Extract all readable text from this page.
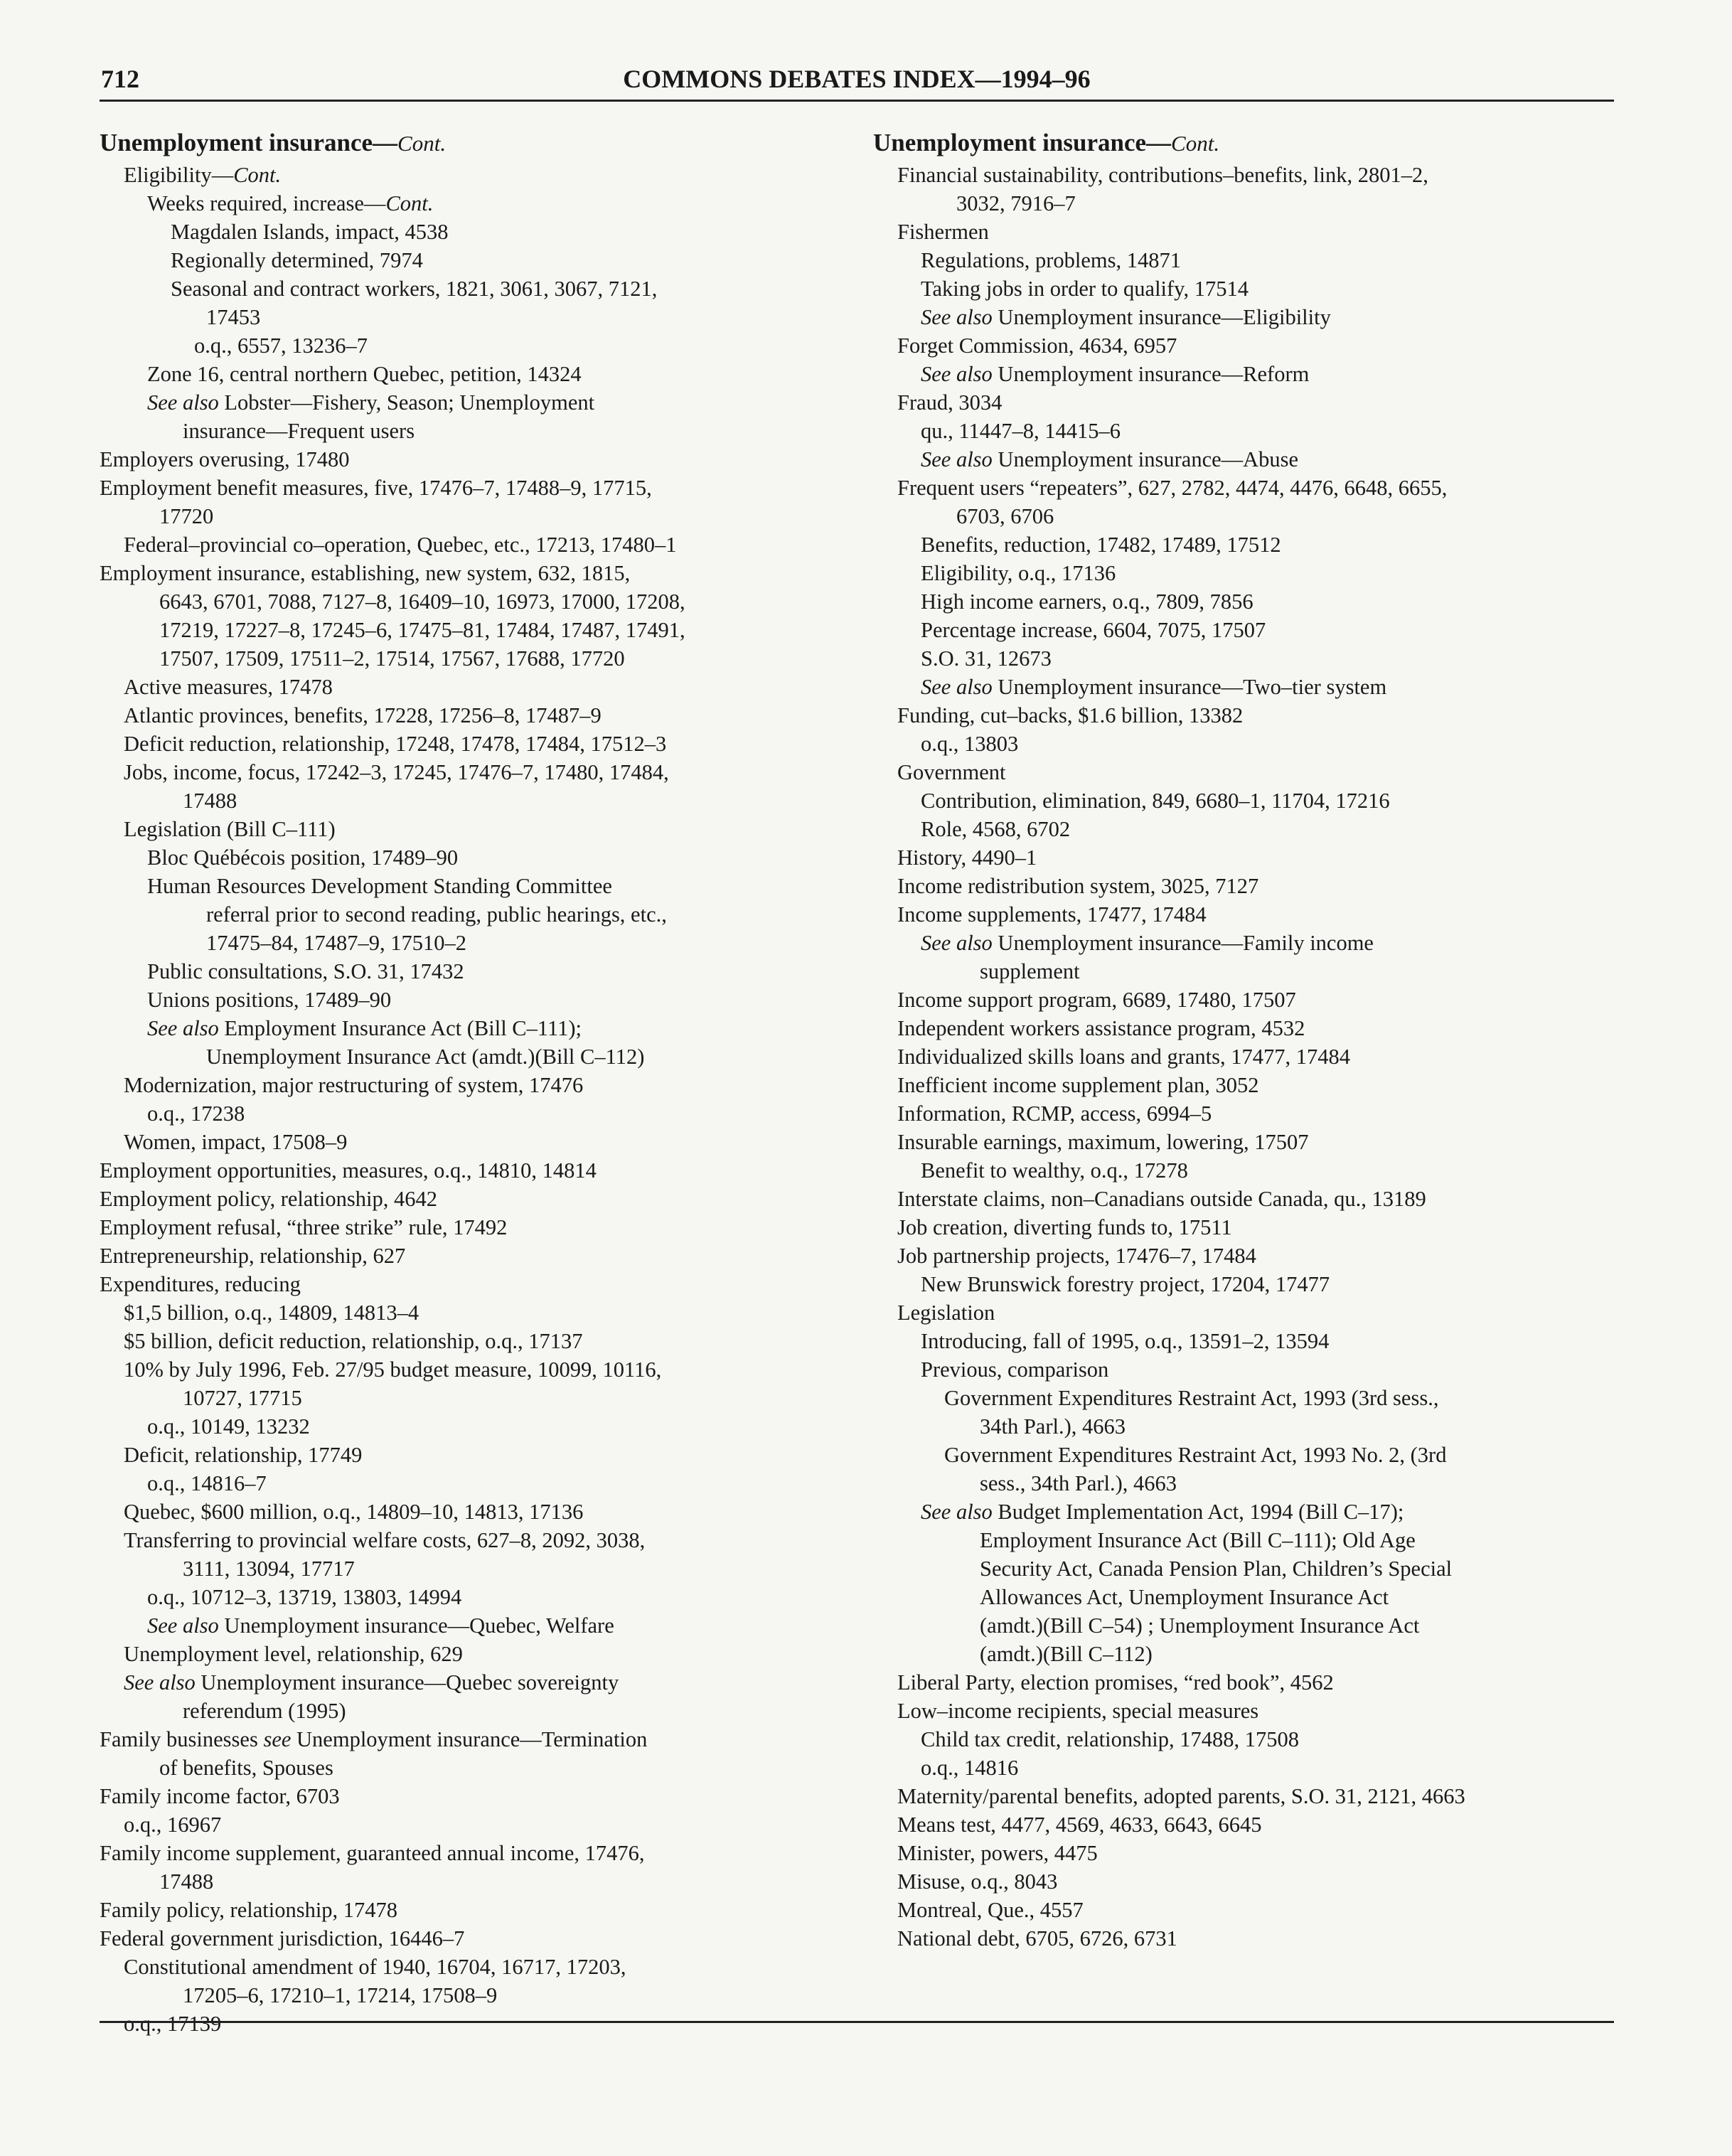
712	COMMONS DEBATES INDEX—1994–96
Unemployment insurance—Cont.
Eligibility—Cont.
Weeks required, increase—Cont.
Magdalen Islands, impact, 4538
Regionally determined, 7974
Seasonal and contract workers, 1821, 3061, 3067, 7121,
17453
o.q., 6557, 13236–7
Zone 16, central northern Quebec, petition, 14324
See also Lobster—Fishery, Season; Unemployment
insurance—Frequent users
Employers overusing, 17480
Employment benefit measures, five, 17476–7, 17488–9, 17715,
17720
Federal–provincial co–operation, Quebec, etc., 17213, 17480–1
Employment insurance, establishing, new system, 632, 1815,
6643, 6701, 7088, 7127–8, 16409–10, 16973, 17000, 17208,
17219, 17227–8, 17245–6, 17475–81, 17484, 17487, 17491,
17507, 17509, 17511–2, 17514, 17567, 17688, 17720
Active measures, 17478
Atlantic provinces, benefits, 17228, 17256–8, 17487–9
Deficit reduction, relationship, 17248, 17478, 17484, 17512–3
Jobs, income, focus, 17242–3, 17245, 17476–7, 17480, 17484,
17488
Legislation (Bill C–111)
Bloc Québécois position, 17489–90
Human Resources Development Standing Committee
referral prior to second reading, public hearings, etc.,
17475–84, 17487–9, 17510–2
Public consultations, S.O. 31, 17432
Unions positions, 17489–90
See also Employment Insurance Act (Bill C–111);
Unemployment Insurance Act (amdt.)(Bill C–112)
Modernization, major restructuring of system, 17476
o.q., 17238
Women, impact, 17508–9
Employment opportunities, measures, o.q., 14810, 14814
Employment policy, relationship, 4642
Employment refusal, “three strike” rule, 17492
Entrepreneurship, relationship, 627
Expenditures, reducing
$1,5 billion, o.q., 14809, 14813–4
$5 billion, deficit reduction, relationship, o.q., 17137
10% by July 1996, Feb. 27/95 budget measure, 10099, 10116,
10727, 17715
o.q., 10149, 13232
Deficit, relationship, 17749
o.q., 14816–7
Quebec, $600 million, o.q., 14809–10, 14813, 17136
Transferring to provincial welfare costs, 627–8, 2092, 3038,
3111, 13094, 17717
o.q., 10712–3, 13719, 13803, 14994
See also Unemployment insurance—Quebec, Welfare
Unemployment level, relationship, 629
See also Unemployment insurance—Quebec sovereignty
referendum (1995)
Family businesses see Unemployment insurance—Termination
of benefits, Spouses
Family income factor, 6703
o.q., 16967
Family income supplement, guaranteed annual income, 17476,
17488
Family policy, relationship, 17478
Federal government jurisdiction, 16446–7
Constitutional amendment of 1940, 16704, 16717, 17203,
17205–6, 17210–1, 17214, 17508–9
o.q., 17139
Unemployment insurance—Cont.
Financial sustainability, contributions–benefits, link, 2801–2,
3032, 7916–7
Fishermen
Regulations, problems, 14871
Taking jobs in order to qualify, 17514
See also Unemployment insurance—Eligibility
Forget Commission, 4634, 6957
See also Unemployment insurance—Reform
Fraud, 3034
qu., 11447–8, 14415–6
See also Unemployment insurance—Abuse
Frequent users “repeaters”, 627, 2782, 4474, 4476, 6648, 6655,
6703, 6706
Benefits, reduction, 17482, 17489, 17512
Eligibility, o.q., 17136
High income earners, o.q., 7809, 7856
Percentage increase, 6604, 7075, 17507
S.O. 31, 12673
See also Unemployment insurance—Two–tier system
Funding, cut–backs, $1.6 billion, 13382
o.q., 13803
Government
Contribution, elimination, 849, 6680–1, 11704, 17216
Role, 4568, 6702
History, 4490–1
Income redistribution system, 3025, 7127
Income supplements, 17477, 17484
See also Unemployment insurance—Family income
supplement
Income support program, 6689, 17480, 17507
Independent workers assistance program, 4532
Individualized skills loans and grants, 17477, 17484
Inefficient income supplement plan, 3052
Information, RCMP, access, 6994–5
Insurable earnings, maximum, lowering, 17507
Benefit to wealthy, o.q., 17278
Interstate claims, non–Canadians outside Canada, qu., 13189
Job creation, diverting funds to, 17511
Job partnership projects, 17476–7, 17484
New Brunswick forestry project, 17204, 17477
Legislation
Introducing, fall of 1995, o.q., 13591–2, 13594
Previous, comparison
Government Expenditures Restraint Act, 1993 (3rd sess.,
34th Parl.), 4663
Government Expenditures Restraint Act, 1993 No. 2, (3rd
sess., 34th Parl.), 4663
See also Budget Implementation Act, 1994 (Bill C–17);
Employment Insurance Act (Bill C–111); Old Age
Security Act, Canada Pension Plan, Children’s Special
Allowances Act, Unemployment Insurance Act
(amdt.)(Bill C–54) ; Unemployment Insurance Act
(amdt.)(Bill C–112)
Liberal Party, election promises, “red book”, 4562
Low–income recipients, special measures
Child tax credit, relationship, 17488, 17508
o.q., 14816
Maternity/parental benefits, adopted parents, S.O. 31, 2121, 4663
Means test, 4477, 4569, 4633, 6643, 6645
Minister, powers, 4475
Misuse, o.q., 8043
Montreal, Que., 4557
National debt, 6705, 6726, 6731
